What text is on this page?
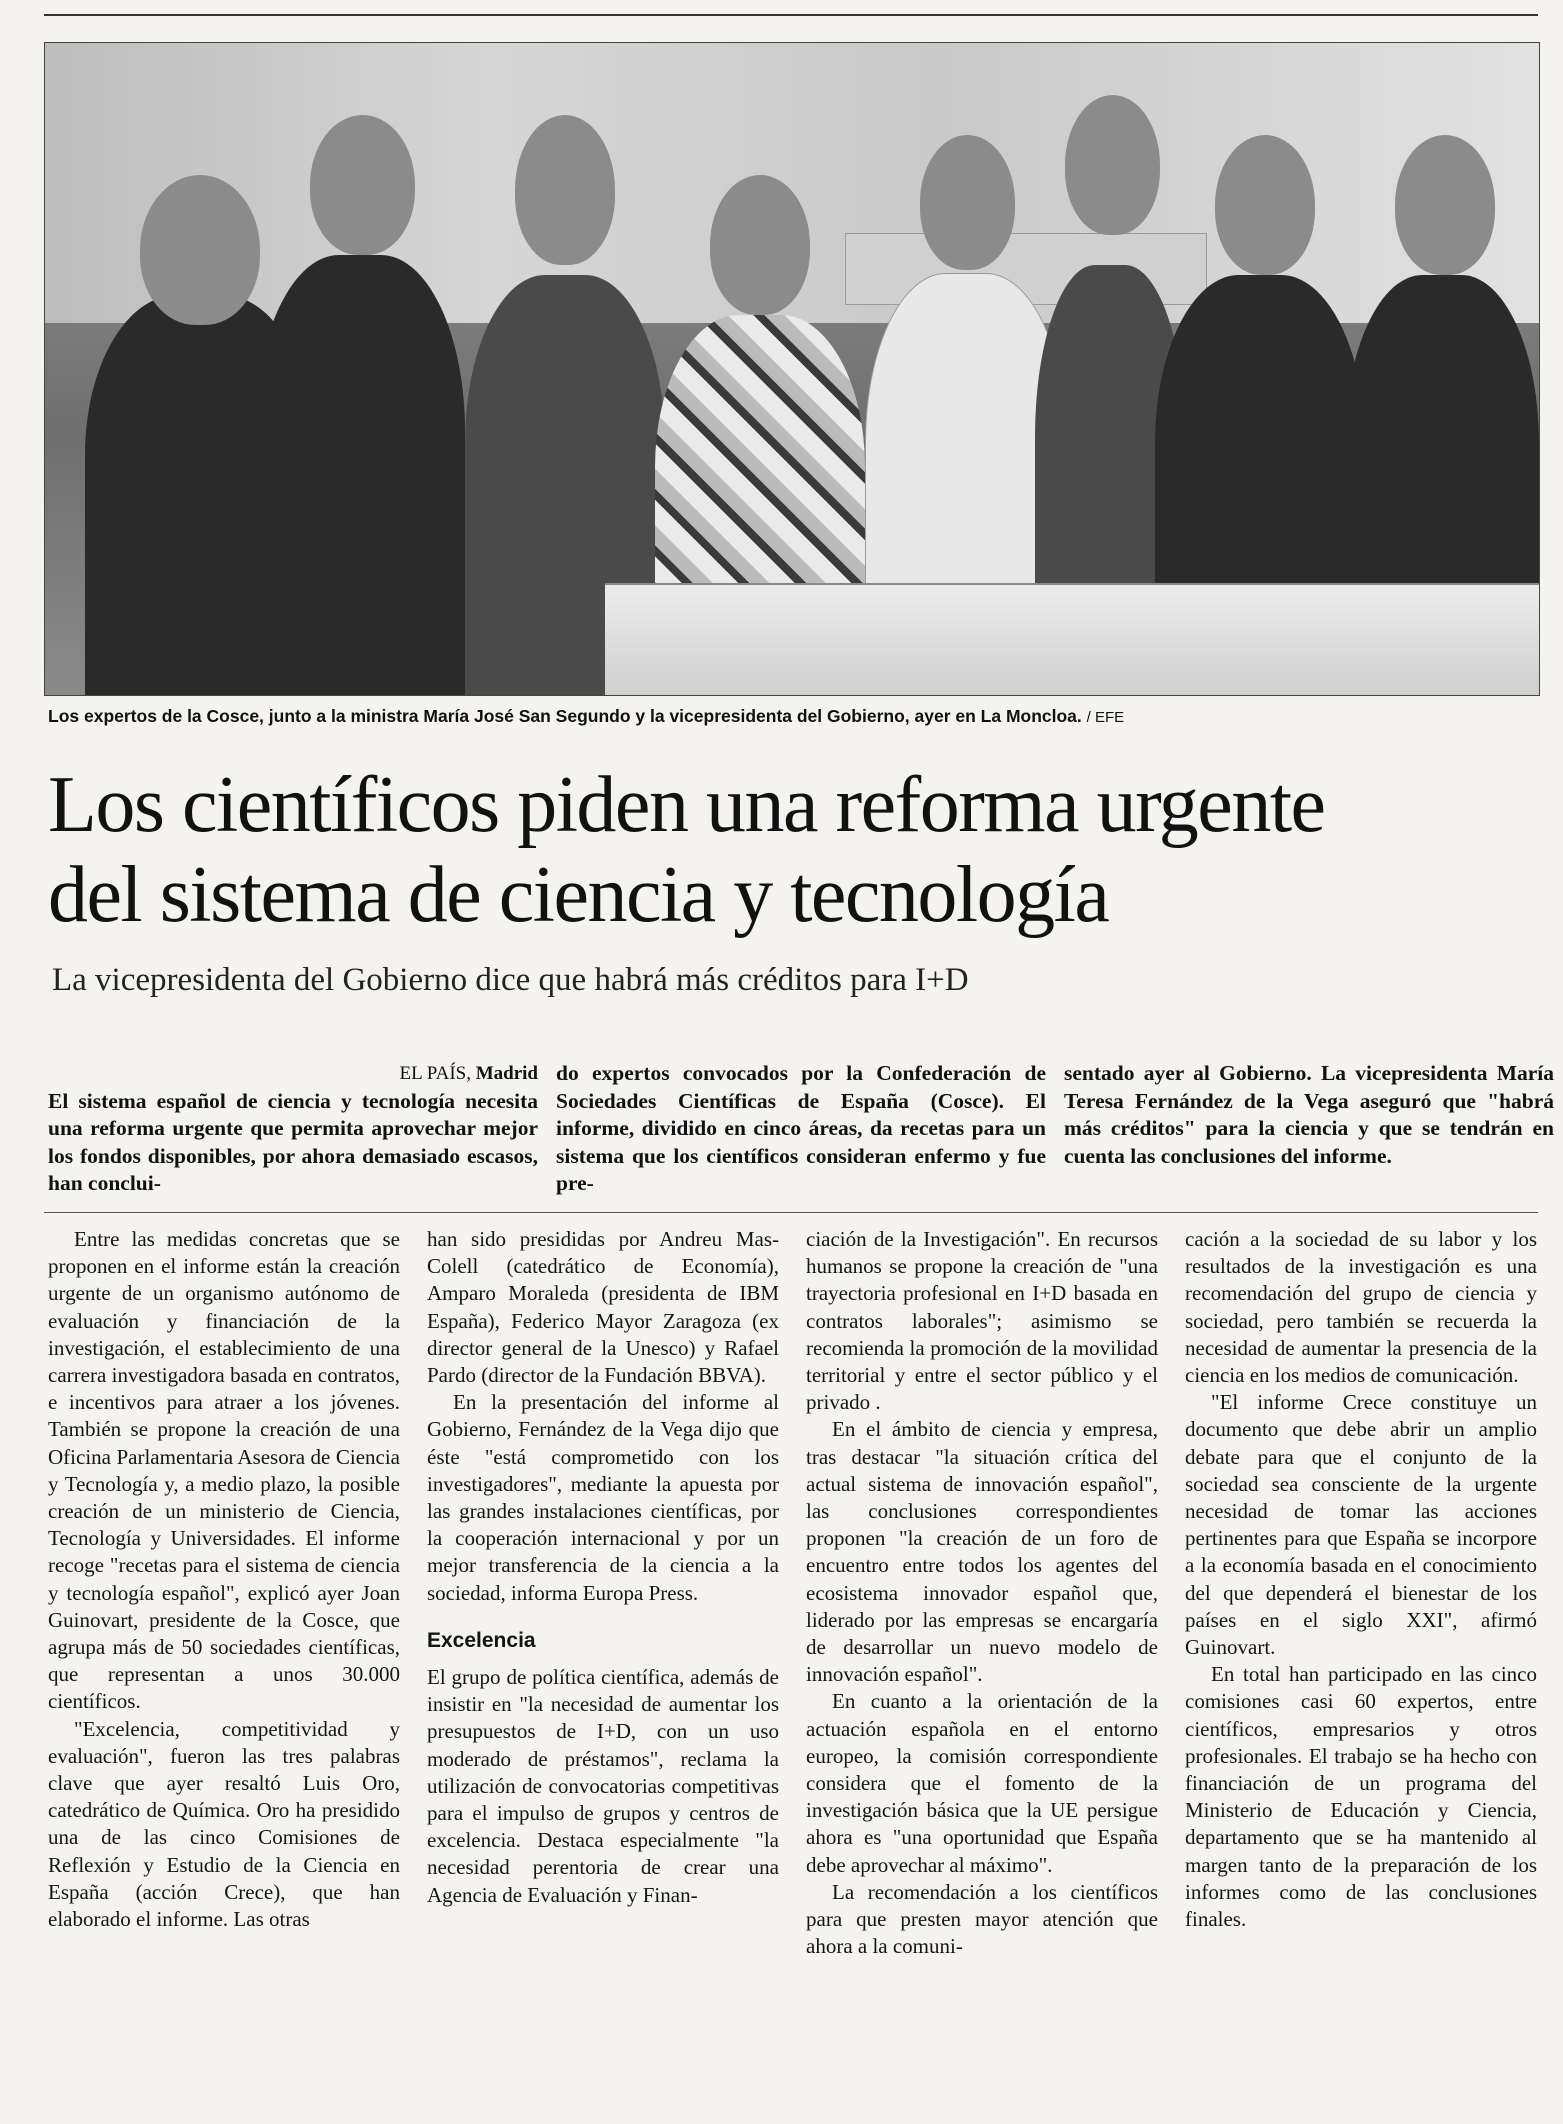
Los expertos de la Cosce, junto a la ministra María José San Segundo y la vicepresidenta del Gobierno, ayer en La Moncloa. / EFE
Los científicos piden una reforma urgente
del sistema de ciencia y tecnología
La vicepresidenta del Gobierno dice que habrá más créditos para I+D
EL PAÍS, Madrid
El sistema español de ciencia y tecnología necesita una reforma urgente que permita aprovechar mejor los fondos disponibles, por ahora demasiado escasos, han conclui-
do expertos convocados por la Confederación de Sociedades Científicas de España (Cosce). El informe, dividido en cinco áreas, da recetas para un sistema que los científicos consideran enfermo y fue pre-
sentado ayer al Gobierno. La vicepresidenta María Teresa Fernández de la Vega aseguró que "habrá más créditos" para la ciencia y que se tendrán en cuenta las conclusiones del informe.

Entre las medidas concretas que se proponen en el informe están la creación urgente de un organismo autónomo de evaluación y financiación de la investigación, el establecimiento de una carrera investigadora basada en contratos, e incentivos para atraer a los jóvenes. También se propone la creación de una Oficina Parlamentaria Asesora de Ciencia y Tecnología y, a medio plazo, la posible creación de un ministerio de Ciencia, Tecnología y Universidades. El informe recoge "recetas para el sistema de ciencia y tecnología español", explicó ayer Joan Guinovart, presidente de la Cosce, que agrupa más de 50 sociedades científicas, que representan a unos 30.000 científicos.

"Excelencia, competitividad y evaluación", fueron las tres palabras clave que ayer resaltó Luis Oro, catedrático de Química. Oro ha presidido una de las cinco Comisiones de Reflexión y Estudio de la Ciencia en España (acción Crece), que han elaborado el informe. Las otras

han sido presididas por Andreu Mas-Colell (catedrático de Economía), Amparo Moraleda (presidenta de IBM España), Federico Mayor Zaragoza (ex director general de la Unesco) y Rafael Pardo (director de la Fundación BBVA).

En la presentación del informe al Gobierno, Fernández de la Vega dijo que éste "está comprometido con los investigadores", mediante la apuesta por las grandes instalaciones científicas, por la cooperación internacional y por un mejor transferencia de la ciencia a la sociedad, informa Europa Press.

Excelencia

El grupo de política científica, además de insistir en "la necesidad de aumentar los presupuestos de I+D, con un uso moderado de préstamos", reclama la utilización de convocatorias competitivas para el impulso de grupos y centros de excelencia. Destaca especialmente "la necesidad perentoria de crear una Agencia de Evaluación y Finan-

ciación de la Investigación". En recursos humanos se propone la creación de "una trayectoria profesional en I+D basada en contratos laborales"; asimismo se recomienda la promoción de la movilidad territorial y entre el sector público y el privado .

En el ámbito de ciencia y empresa, tras destacar "la situación crítica del actual sistema de innovación español", las conclusiones correspondientes proponen "la creación de un foro de encuentro entre todos los agentes del ecosistema innovador español que, liderado por las empresas se encargaría de desarrollar un nuevo modelo de innovación español".

En cuanto a la orientación de la actuación española en el entorno europeo, la comisión correspondiente considera que el fomento de la investigación básica que la UE persigue ahora es "una oportunidad que España debe aprovechar al máximo".

La recomendación a los científicos para que presten mayor atención que ahora a la comuni-

cación a la sociedad de su labor y los resultados de la investigación es una recomendación del grupo de ciencia y sociedad, pero también se recuerda la necesidad de aumentar la presencia de la ciencia en los medios de comunicación.

"El informe Crece constituye un documento que debe abrir un amplio debate para que el conjunto de la sociedad sea consciente de la urgente necesidad de tomar las acciones pertinentes para que España se incorpore a la economía basada en el conocimiento del que dependerá el bienestar de los países en el siglo XXI", afirmó Guinovart.

En total han participado en las cinco comisiones casi 60 expertos, entre científicos, empresarios y otros profesionales. El trabajo se ha hecho con financiación de un programa del Ministerio de Educación y Ciencia, departamento que se ha mantenido al margen tanto de la preparación de los informes como de las conclusiones finales.
